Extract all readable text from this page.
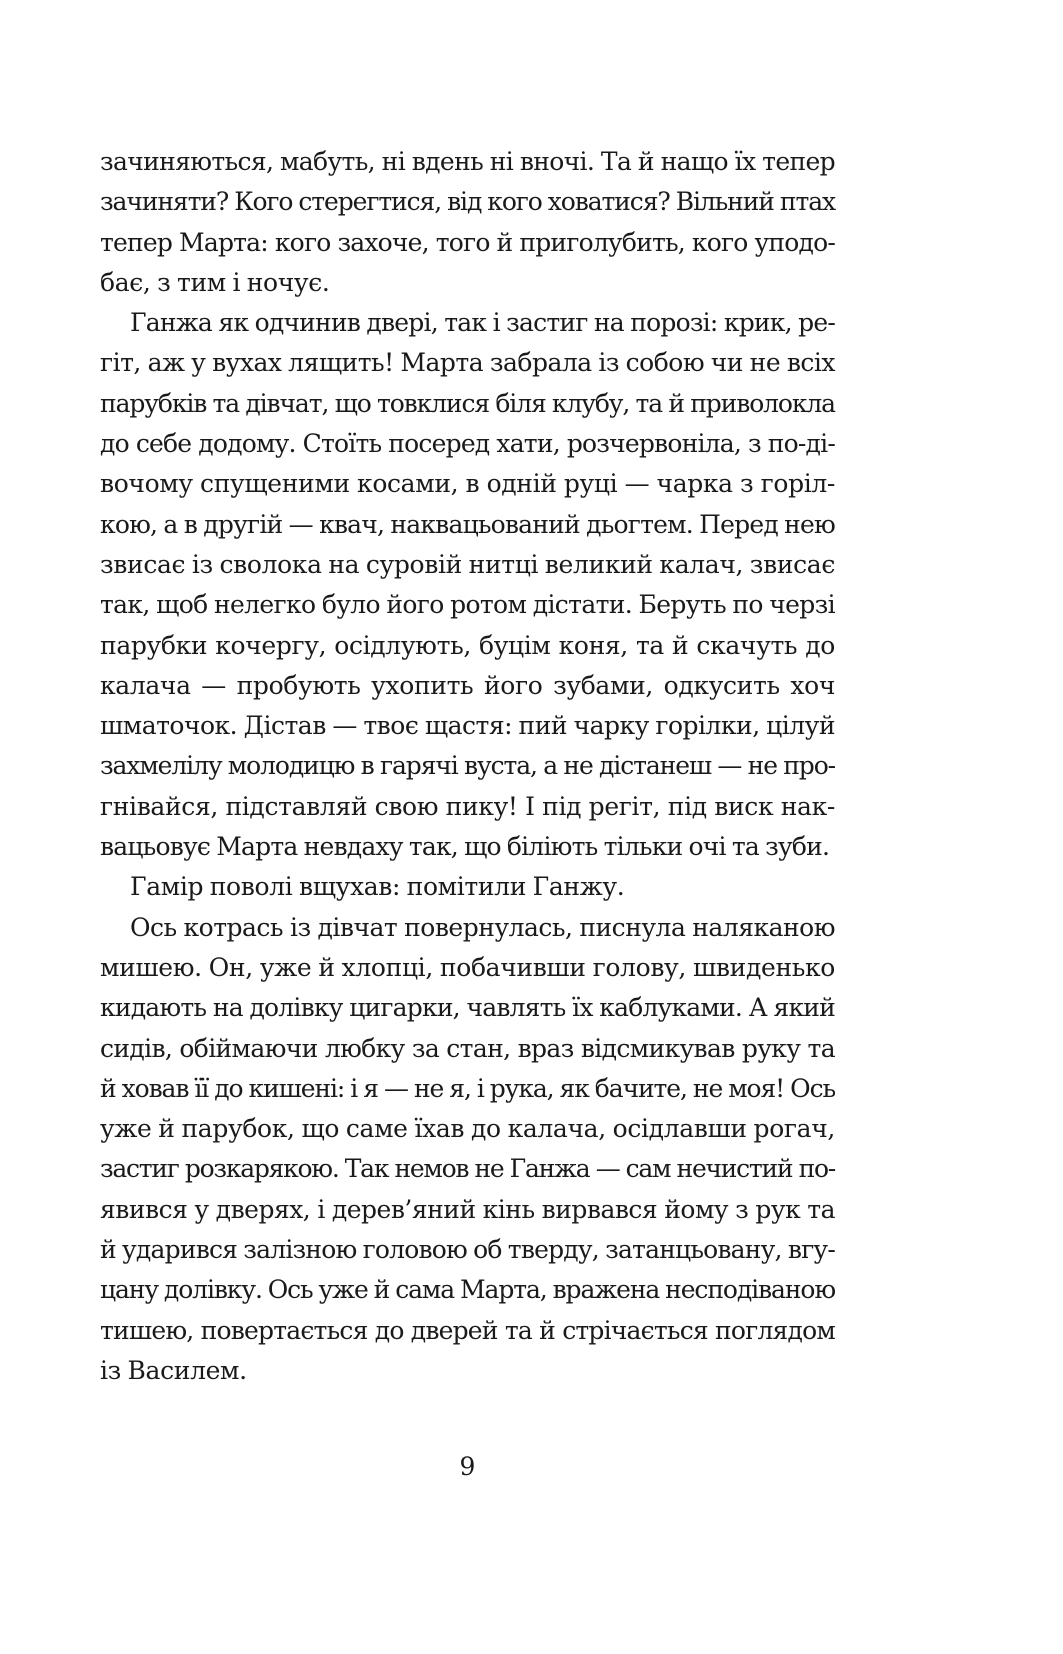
зачиняються, мабуть, ні вдень ні вночі. Та й нащо їх тепер
зачиняти? Кого стерегтися, від кого ховатися? Вільний птах
тепер Марта: кого захоче, того й приголубить, кого уподо-
бає, з тим і ночує.
Ганжа як одчинив двері, так і застиг на порозі: крик, ре-
гіт, аж у вухах лящить! Марта забрала із собою чи не всіх
парубків та дівчат, що товклися біля клубу, та й приволокла
до себе додому. Стоїть посеред хати, розчервоніла, з по-дi-
вочому спущеними косами, в одній руці — чарка з горіл-
кою, а в другій — квач, наквацьований дьогтем. Перед нею
звисає із сволока на суровій нитці великий калач, звисає
так, щоб нелегко було його ротом дістати. Беруть по черзі
парубки кочергу, осідлують, буцім коня, та й скачуть до
калача — пробують ухопить його зубами, одкусить хоч
шматочок. Дістав — твоє щастя: пий чарку горілки, цілуй
захмелілу молодицю в гарячі вуста, а не дістанеш — не про-
гнівайся, підставляй свою пику! І під регіт, під виск нак-
вацьовує Марта невдаху так, що біліють тільки очі та зуби.
Гамір поволі вщухав: помітили Ганжу.
Ось котрась із дівчат повернулась, писнула наляканою
мишею. Он, уже й хлопці, побачивши голову, швиденько
кидають на долівку цигарки, чавлять їх каблуками. А який
сидів, обіймаючи любку за стан, враз відсмикував руку та
й ховав її до кишені: і я — не я, і рука, як бачите, не моя! Ось
уже й парубок, що саме їхав до калача, осідлавши рогач,
застиг розкарякою. Так немов не Ганжа — сам нечистий по-
явився у дверях, і дерев’яний кінь вирвався йому з рук та
й ударився залізною головою об тверду, затанцьовану, вгу-
цану долівку. Ось уже й сама Марта, вражена несподіваною
тишею, повертається до дверей та й стрічається поглядом
із Василем.
9
